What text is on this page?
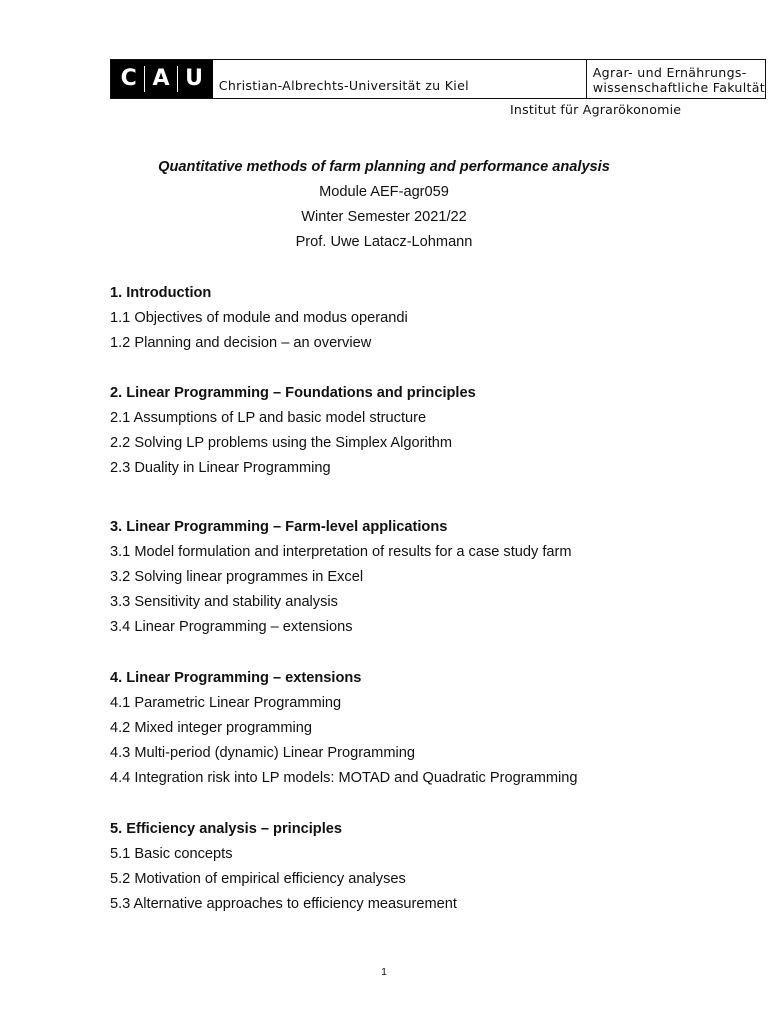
C A U	Christian-Albrechts-Universität zu Kiel
Agrar- und Ernährungs-
wissenschaftliche Fakultät
Institut für Agrarökonomie
Quantitative methods of farm planning and performance analysis
Module AEF-agr059
Winter Semester 2021/22
Prof. Uwe Latacz-Lohmann
1. Introduction
1.1 Objectives of module and modus operandi
1.2 Planning and decision – an overview
2. Linear Programming – Foundations and principles
2.1 Assumptions of LP and basic model structure
2.2 Solving LP problems using the Simplex Algorithm
2.3 Duality in Linear Programming
3. Linear Programming – Farm-level applications
3.1 Model formulation and interpretation of results for a case study farm
3.2 Solving linear programmes in Excel
3.3 Sensitivity and stability analysis
3.4 Linear Programming – extensions
4. Linear Programming – extensions
4.1 Parametric Linear Programming
4.2 Mixed integer programming
4.3 Multi-period (dynamic) Linear Programming
4.4 Integration risk into LP models: MOTAD and Quadratic Programming
5. Efficiency analysis – principles
5.1 Basic concepts
5.2 Motivation of empirical efficiency analyses
5.3 Alternative approaches to efficiency measurement
1
